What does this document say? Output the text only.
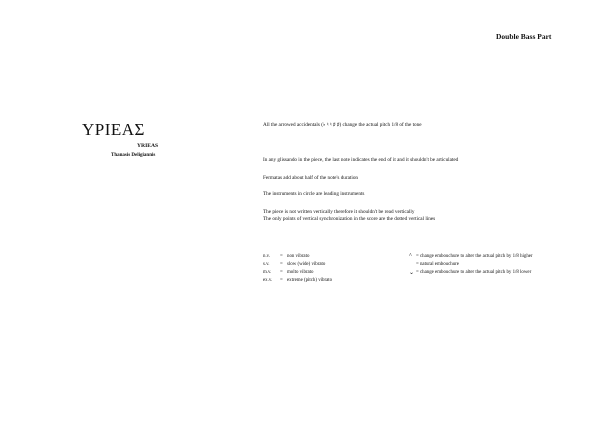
Double Bass Part
ΥΡΙΕΑΣ
YRIEAS
Thanasis Deligiannis
All the arrowed accidentals (♭ ♮ ♮ ♯ ♯) change the actual pitch 1/8 of the tone
In any glissando in the piece, the last note indicates the end of it and it shouldn't be articulated
Fermatas add about half of the note's duration
The instruments in circle are leading instruments
The piece is not written vertically therefore it shouldn't be read vertically
The only points of vertical synchronization in the score are the dotted vertical lines
n.v. = non vibrato
s.v. = slow (wide) vibrato
m.v. = molto vibrato
ex.v. = extreme (pitch) vibrato
^ = change embouchure to alter the actual pitch by 1/8 higher
= natural embouchure
⌄ = change embouchure to alter the actual pitch by 1/8 lower
